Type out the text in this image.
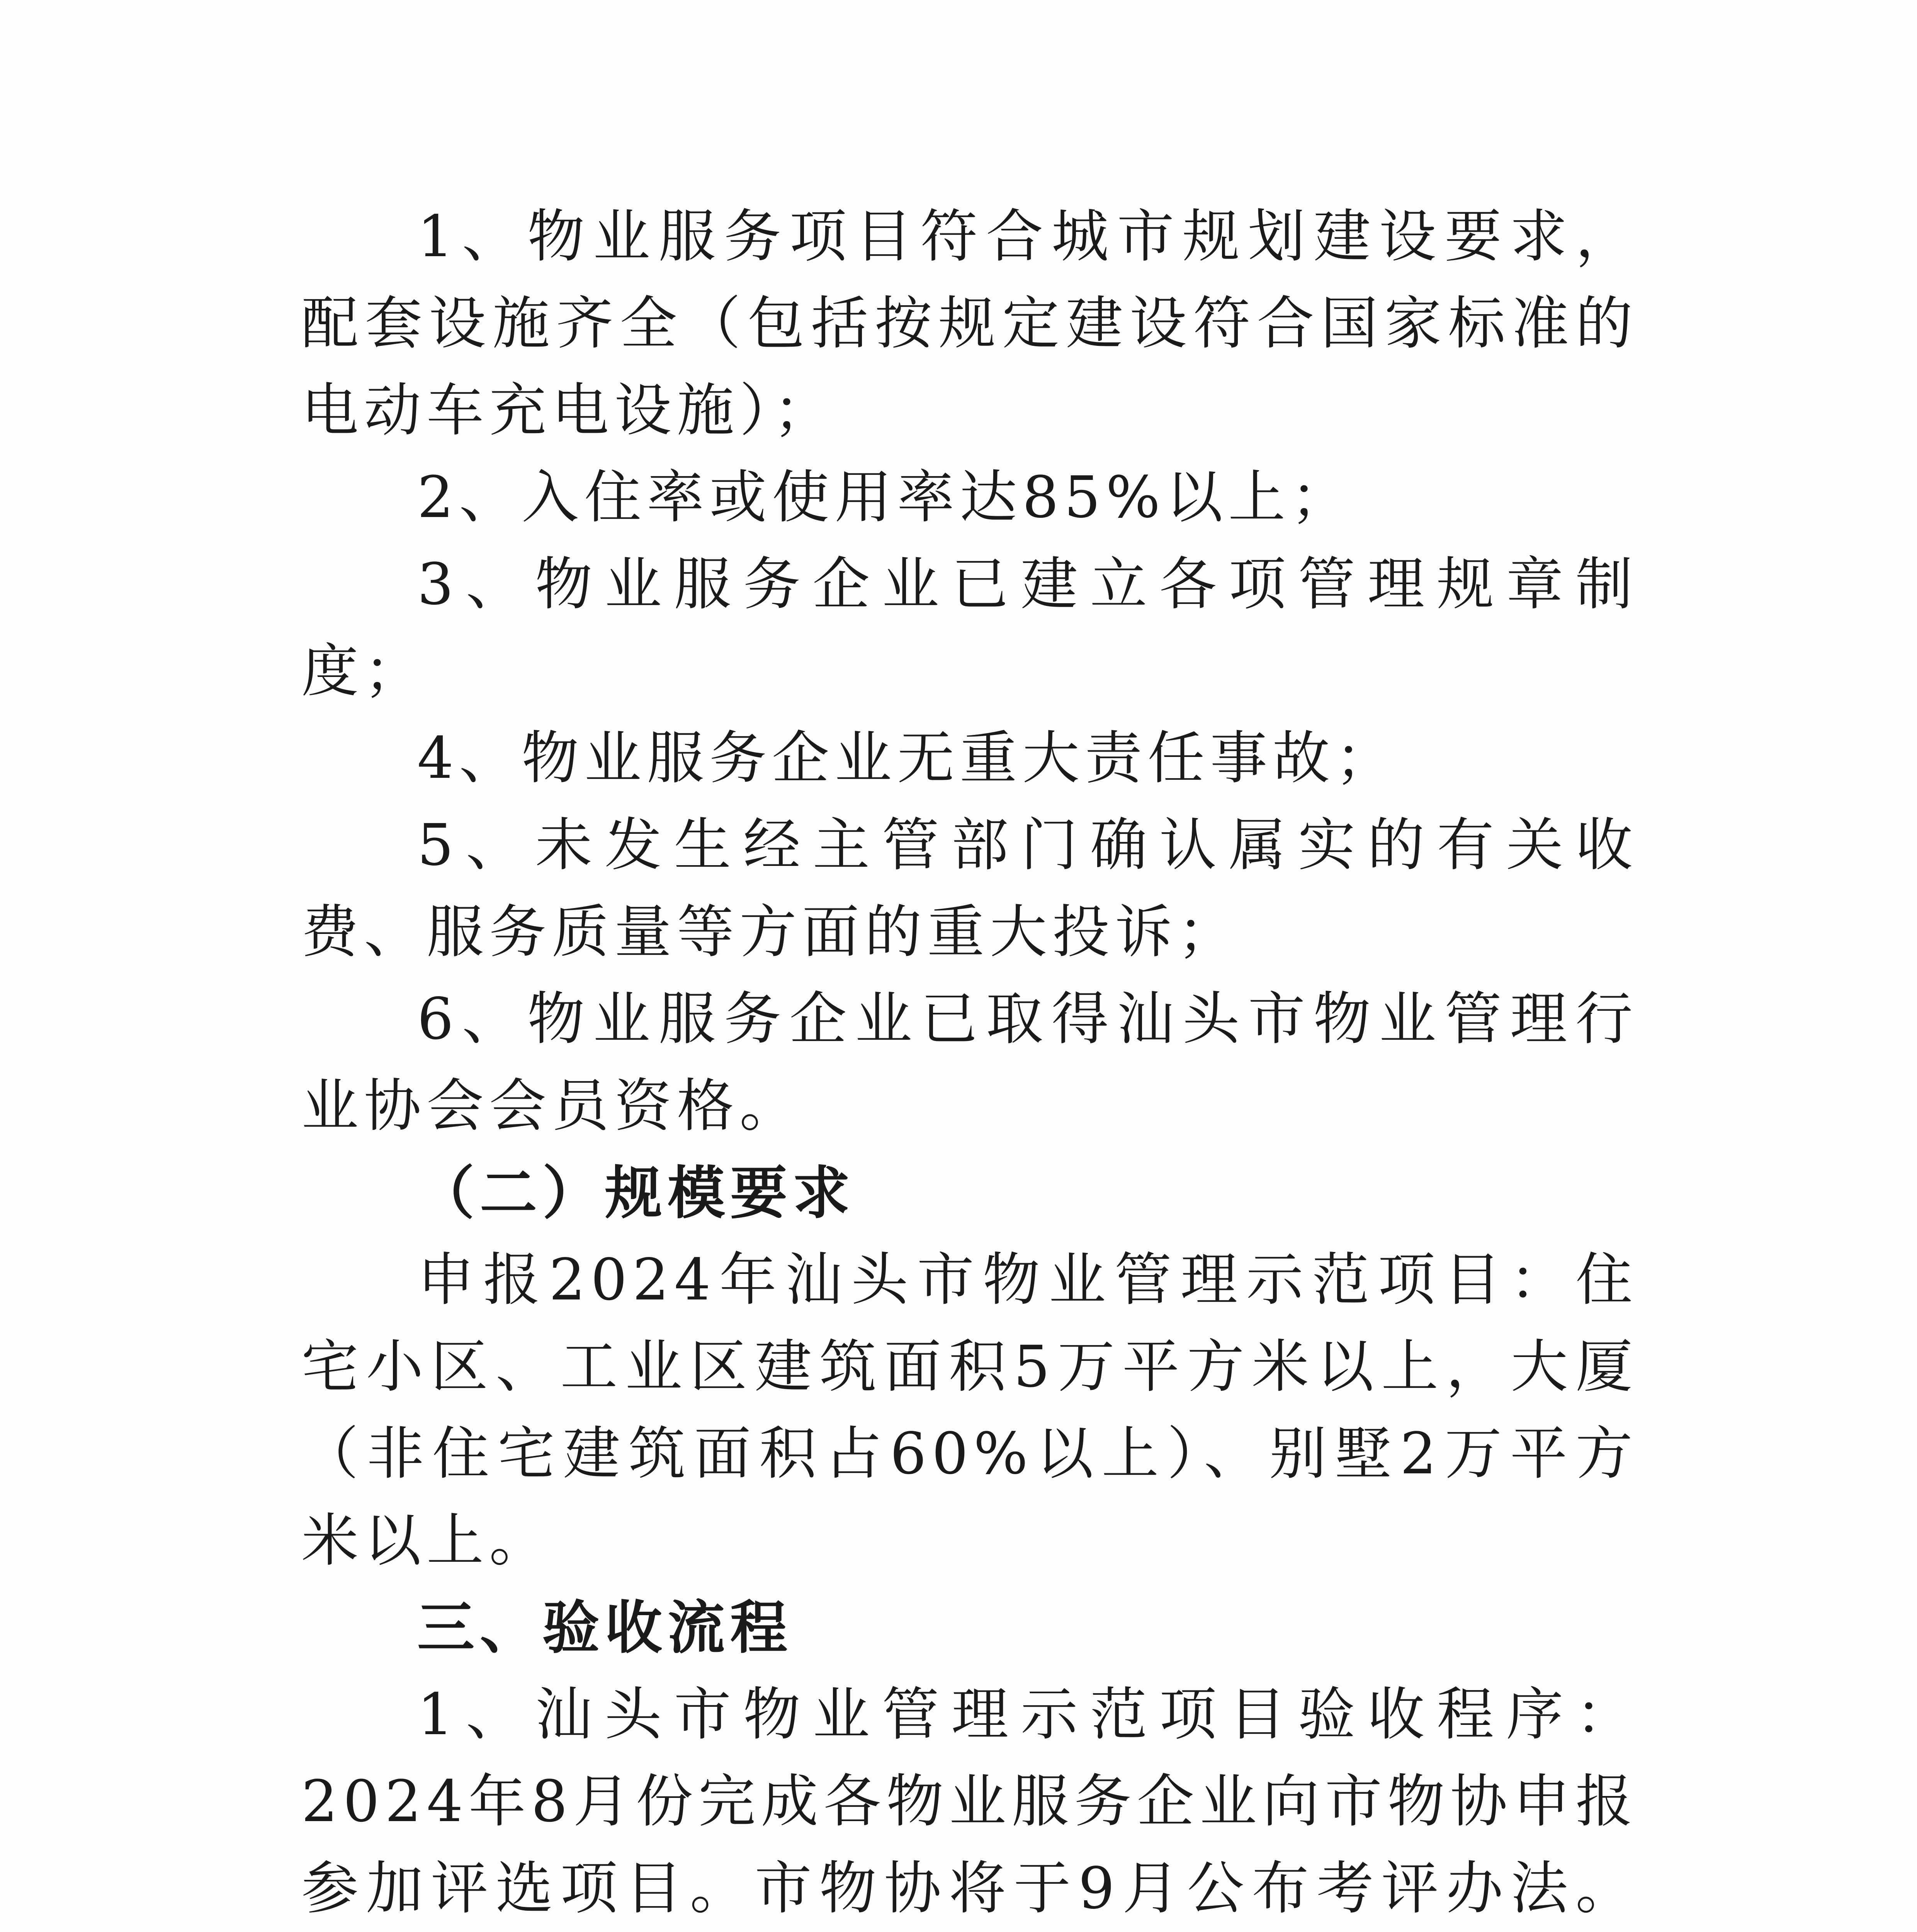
1、物业服务项目符合城市规划建设要求，配套设施齐全（包括按规定建设符合国家标准的电动车充电设施）；

2、入住率或使用率达85%以上；

3、物业服务企业已建立各项管理规章制度；

4、物业服务企业无重大责任事故；

5、未发生经主管部门确认属实的有关收费、服务质量等方面的重大投诉；

6、物业服务企业已取得汕头市物业管理行业协会会员资格。

（二）规模要求

申报2024年汕头市物业管理示范项目：住宅小区、工业区建筑面积5万平方米以上，大厦（非住宅建筑面积占60%以上）、别墅2万平方米以上。

三、验收流程

1、汕头市物业管理示范项目验收程序：2024年8月份完成各物业服务企业向市物协申报参加评选项目。市物协将于9月公布考评办法。
